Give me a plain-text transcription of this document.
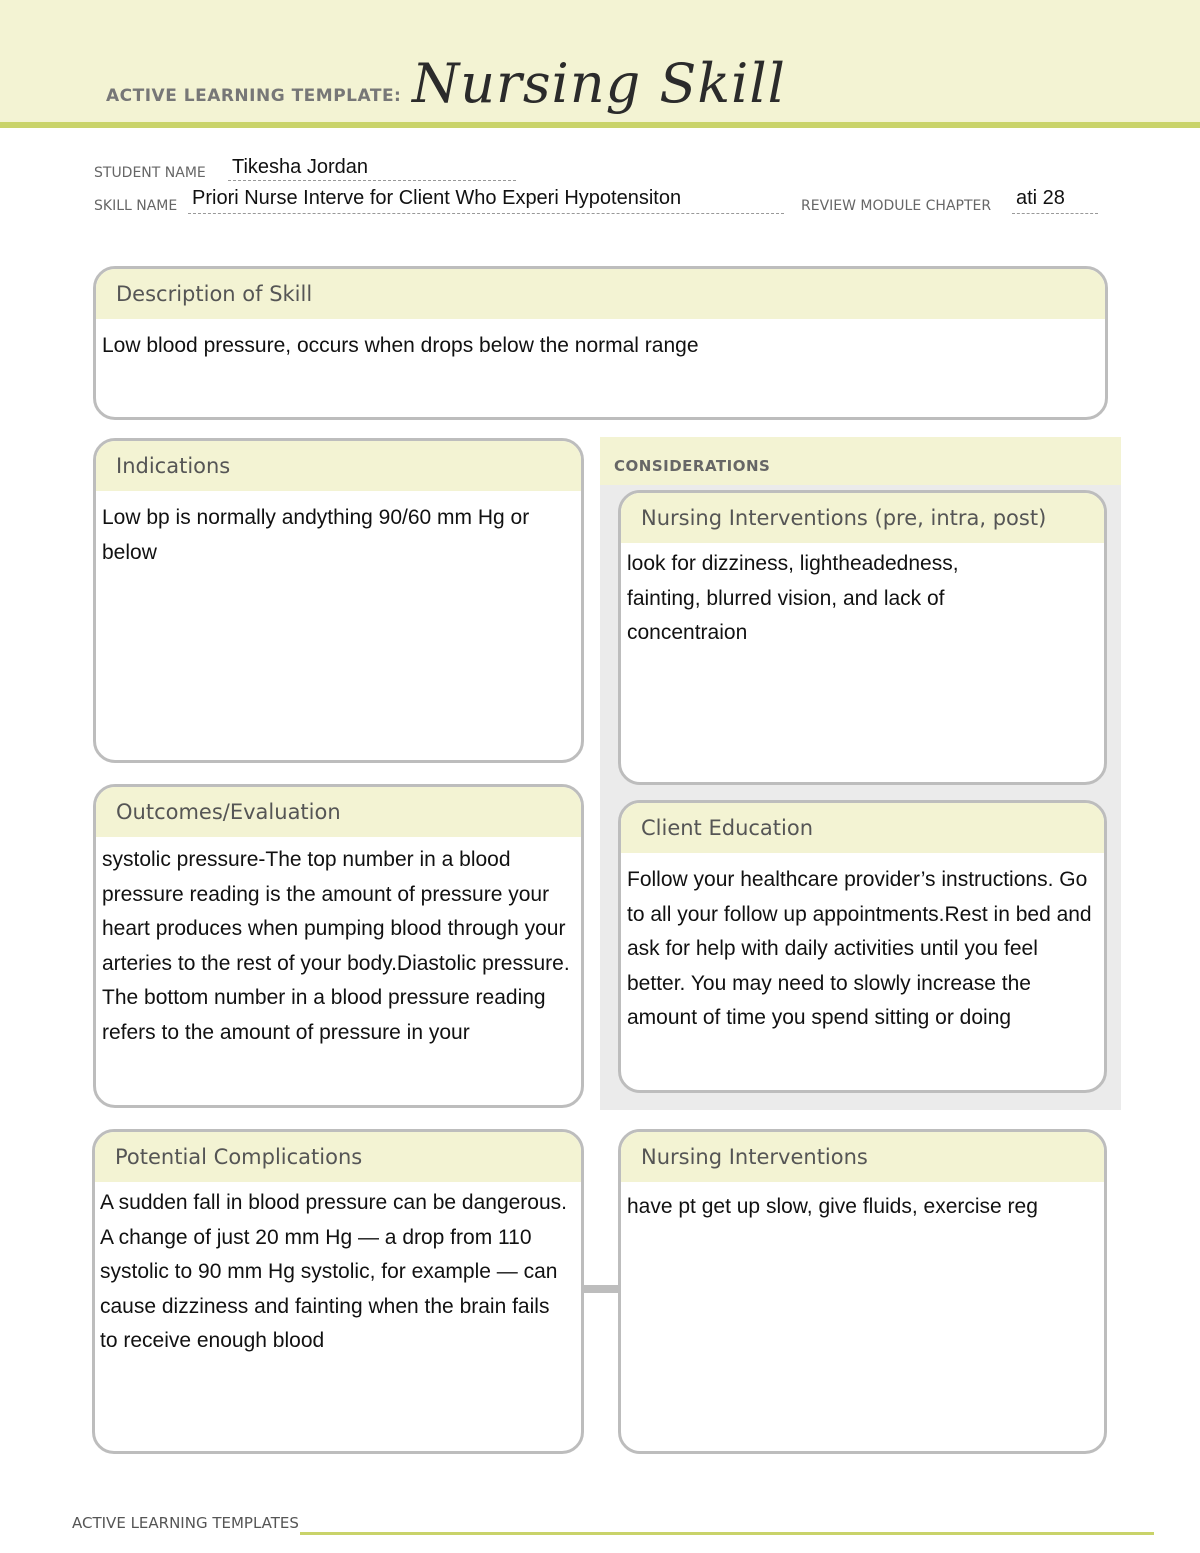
ACTIVE LEARNING TEMPLATE: Nursing Skill
STUDENT NAME Tikesha Jordan
SKILL NAME Priori Nurse Interve for Client Who Experi Hypotensiton	REVIEW MODULE CHAPTER ati 28
Description of Skill
Low blood pressure, occurs when drops below the normal range
Indications
Low bp is normally andything 90/60 mm Hg or below
CONSIDERATIONS
Nursing Interventions (pre, intra, post)
look for dizziness, lightheadedness, fainting, blurred vision, and lack of concentraion
Outcomes/Evaluation
systolic pressure-The top number in a blood pressure reading is the amount of pressure your heart produces when pumping blood through your arteries to the rest of your body.Diastolic pressure. The bottom number in a blood pressure reading refers to the amount of pressure in your
Client Education
Follow your healthcare provider’s instructions. Go to all your follow up appointments.Rest in bed and ask for help with daily activities until you feel better. You may need to slowly increase the amount of time you spend sitting or doing
Potential Complications
A sudden fall in blood pressure can be dangerous. A change of just 20 mm Hg — a drop from 110 systolic to 90 mm Hg systolic, for example — can cause dizziness and fainting when the brain fails to receive enough blood
Nursing Interventions
have pt get up slow, give fluids, exercise reg
ACTIVE LEARNING TEMPLATES
